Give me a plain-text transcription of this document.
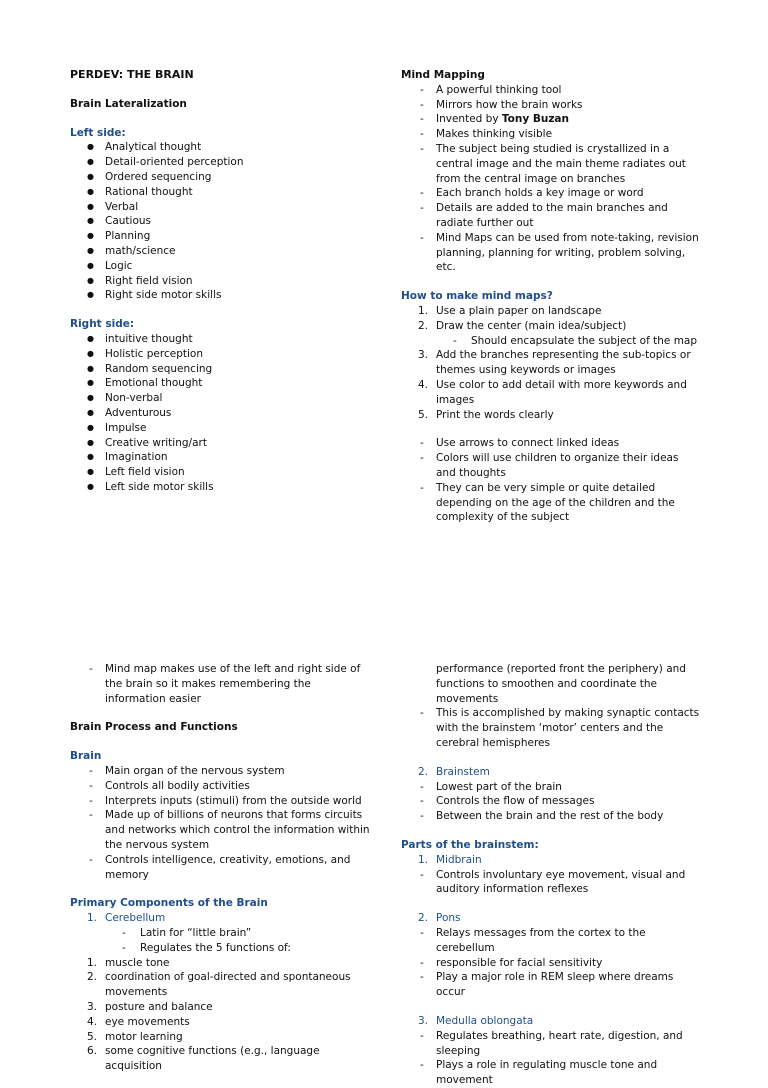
PERDEV: THE BRAIN
Brain Lateralization
Left side:
● Analytical thought
● Detail-oriented perception
● Ordered sequencing
● Rational thought
● Verbal
● Cautious
● Planning
● math/science
● Logic
● Right field vision
● Right side motor skills
Right side:
● intuitive thought
● Holistic perception
● Random sequencing
● Emotional thought
● Non-verbal
● Adventurous
● Impulse
● Creative writing/art
● Imagination
● Left field vision
● Left side motor skills
Mind Mapping
- A powerful thinking tool
- Mirrors how the brain works
- Invented by Tony Buzan
- Makes thinking visible
- The subject being studied is crystallized in a central image and the main theme radiates out from the central image on branches
- Each branch holds a key image or word
- Details are added to the main branches and radiate further out
- Mind Maps can be used from note-taking, revision planning, planning for writing, problem solving, etc.
How to make mind maps?
1. Use a plain paper on landscape
2. Draw the center (main idea/subject)
- Should encapsulate the subject of the map
3. Add the branches representing the sub-topics or themes using keywords or images
4. Use color to add detail with more keywords and images
5. Print the words clearly
- Use arrows to connect linked ideas
- Colors will use children to organize their ideas and thoughts
- They can be very simple or quite detailed depending on the age of the children and the complexity of the subject
- Mind map makes use of the left and right side of the brain so it makes remembering the information easier
Brain Process and Functions
Brain
- Main organ of the nervous system
- Controls all bodily activities
- Interprets inputs (stimuli) from the outside world
- Made up of billions of neurons that forms circuits and networks which control the information within the nervous system
- Controls intelligence, creativity, emotions, and memory
Primary Components of the Brain
1. Cerebellum
- Latin for “little brain”
- Regulates the 5 functions of:
1. muscle tone
2. coordination of goal-directed and spontaneous movements
3. posture and balance
4. eye movements
5. motor learning
6. some cognitive functions (e.g., language acquisition
performance (reported front the periphery) and functions to smoothen and coordinate the movements
- This is accomplished by making synaptic contacts with the brainstem ‘motor’ centers and the cerebral hemispheres
2. Brainstem
- Lowest part of the brain
- Controls the flow of messages
- Between the brain and the rest of the body
Parts of the brainstem:
1. Midbrain
- Controls involuntary eye movement, visual and auditory information reflexes
2. Pons
- Relays messages from the cortex to the cerebellum
- responsible for facial sensitivity
- Play a major role in REM sleep where dreams occur
3. Medulla oblongata
- Regulates breathing, heart rate, digestion, and sleeping
- Plays a role in regulating muscle tone and movement
